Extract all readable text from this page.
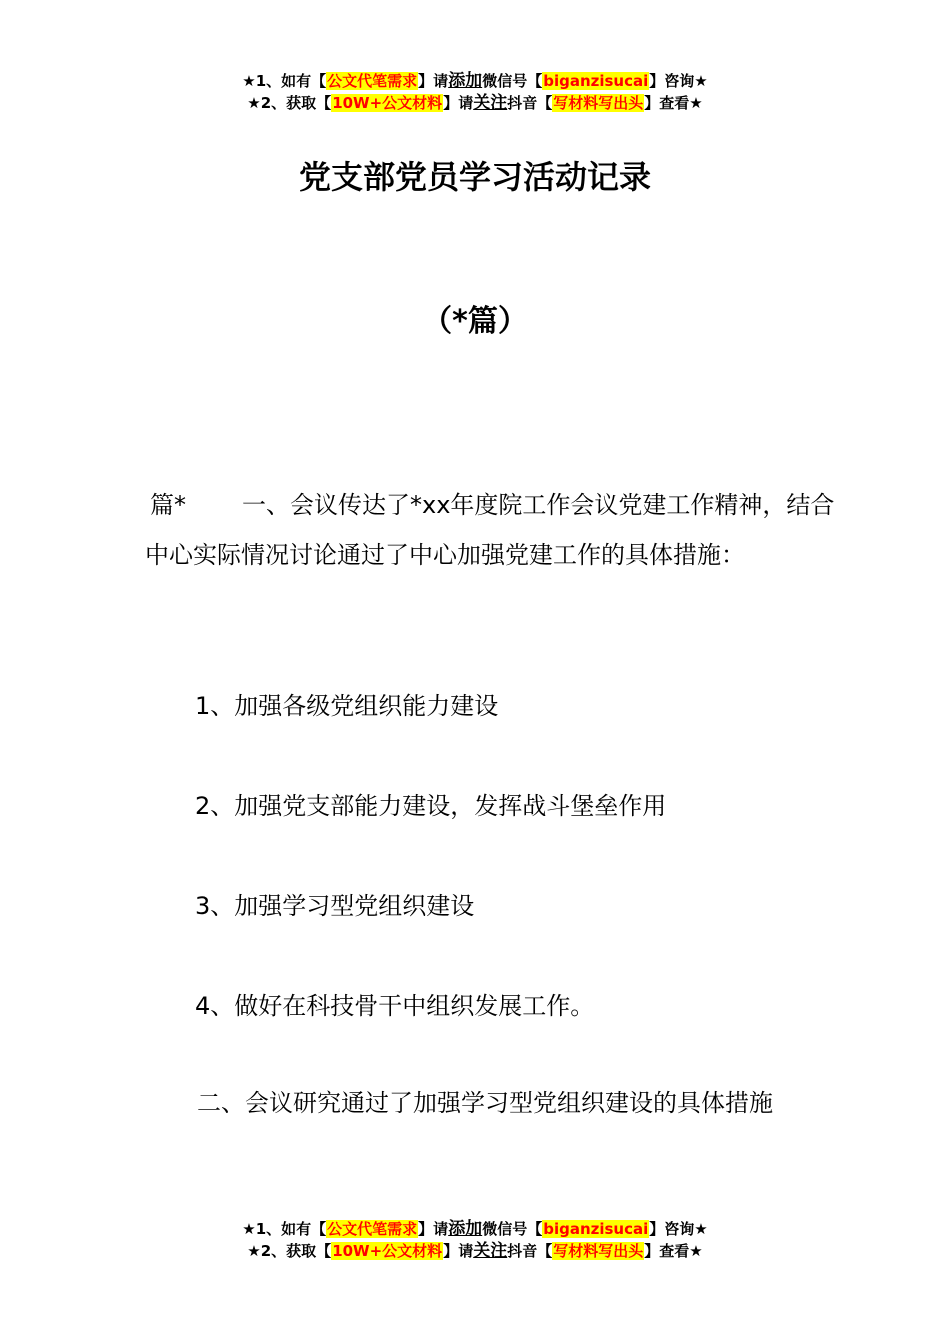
★1、如有【公文代笔需求】请添加微信号【biganzisucai】咨询★
★2、获取【10W+公文材料】请关注抖音【写材料写出头】查看★
党支部党员学习活动记录
（*篇）
篇* 一、会议传达了*xx年度院工作会议党建工作精神，结合中心实际情况讨论通过了中心加强党建工作的具体措施：
1、加强各级党组织能力建设
2、加强党支部能力建设，发挥战斗堡垒作用
3、加强学习型党组织建设
4、做好在科技骨干中组织发展工作。
二、会议研究通过了加强学习型党组织建设的具体措施
★1、如有【公文代笔需求】请添加微信号【biganzisucai】咨询★
★2、获取【10W+公文材料】请关注抖音【写材料写出头】查看★
